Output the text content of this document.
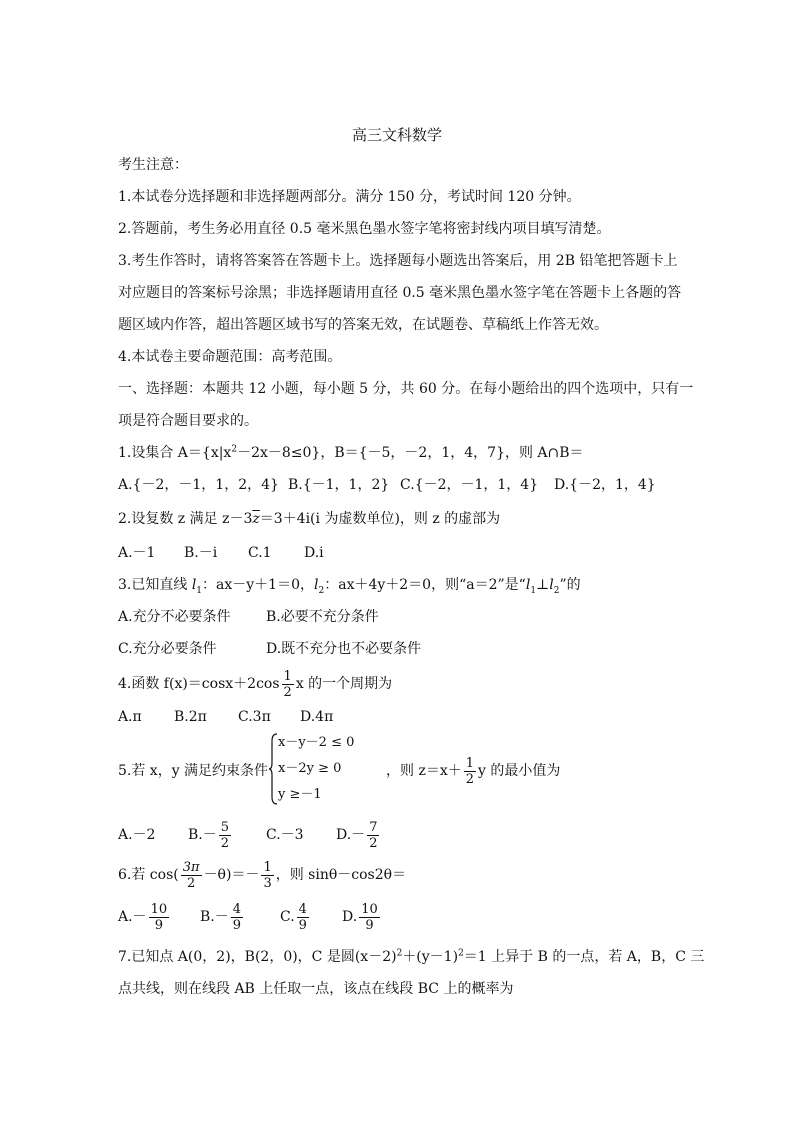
高三文科数学
考生注意：
1.本试卷分选择题和非选择题两部分。满分 150 分，考试时间 120 分钟。
2.答题前，考生务必用直径 0.5 毫米黑色墨水签字笔将密封线内项目填写清楚。
3.考生作答时，请将答案答在答题卡上。选择题每小题选出答案后，用 2B 铅笔把答题卡上
对应题目的答案标号涂黑；非选择题请用直径 0.5 毫米黑色墨水签字笔在答题卡上各题的答
题区域内作答，超出答题区域书写的答案无效，在试题卷、草稿纸上作答无效。
4.本试卷主要命题范围：高考范围。
一、选择题：本题共 12 小题，每小题 5 分，共 60 分。在每小题给出的四个选项中，只有一
项是符合题目要求的。
1.设集合 $A=\{x|x^2-2x-8\le 0\}$，B＝{－5，－2，1，4，7}，则 A∩B＝
A.{－2，－1，1，2，4} B.{－1，1，2} C.{－2，－1，1，4} D.{－2，1，4}
2.设复数 z 满足 $z-3\overline{z}=3+4i(i$ 为虚数单位)，则 z 的虚部为
A.－1 B.－i C.1 D.i
3.已知直线 $l_1$：ax－y＋1＝0，$l_2$：ax＋4y＋2＝0，则“a＝2”是“$l_1\perp l_2$”的
A.充分不必要条件	B.必要不充分条件
C.充分必要条件	D.既不充分也不必要条件
4.函数 $f(x)=\cos x+2\cos \frac{1}{2}$ x 的一个周期为
A.π B.2π C.3π D.4π
5.若 x，y 满足约束条件
x－y－2 ≤ 0
x－2y ≥ 0
y ≥－1
，则 $z=x+ \frac{1}{2}$ y 的最小值为
A.－2 $B.- \frac{5}{2} C.-3$ $D.- \frac{7}{2}$
6.若 $\cos( \frac{3\pi}{2} -\theta)=- \frac{1}{3}$ ，则 sinθ－cos2θ＝
$A.- \frac{10}{9} B.- \frac{4}{9}$	C. $\frac{4}{9} D$. $\frac{10}{9}$
7.已知点 A(0，2)，B(2，0)，C 是圆$(x-2)^2+(y-1)^2=1$ 上异于 B 的一点，若 A，B，C 三
点共线，则在线段 AB 上任取一点，该点在线段 BC 上的概率为
